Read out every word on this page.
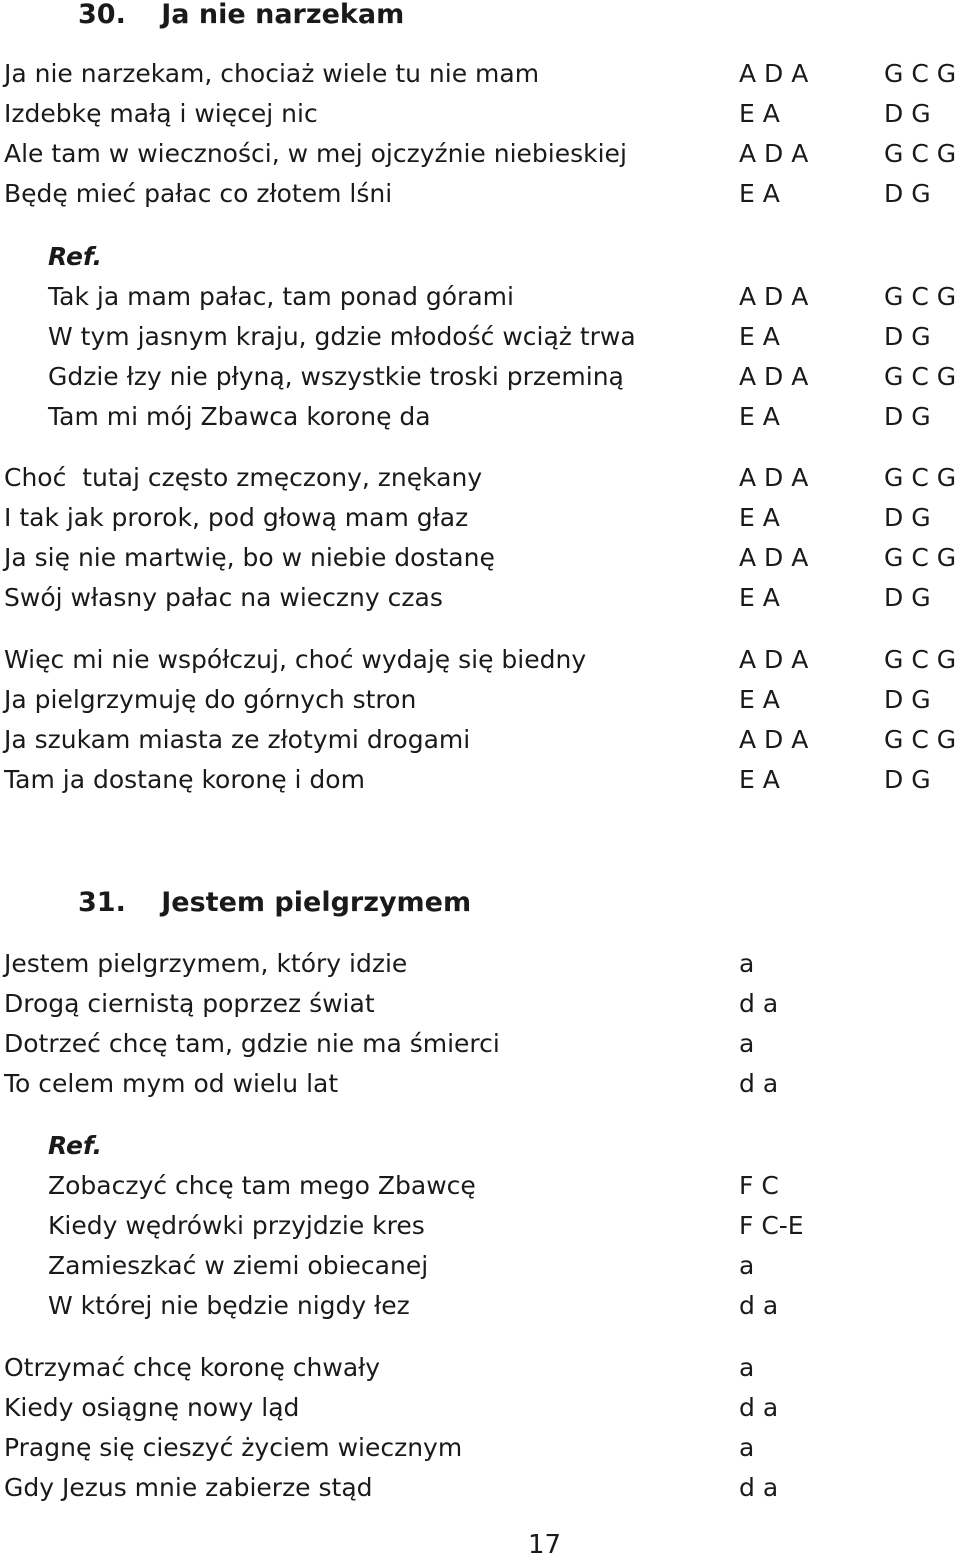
30. Ja nie narzekam
Ja nie narzekam, chociaż wiele tu nie mam	A D A	G C G
Izdebkę małą i więcej nic	E A	D G
Ale tam w wieczności, w mej ojczyźnie niebieskiej	A D A	G C G
Będę mieć pałac co złotem lśni	E A	D G
Ref.
Tak ja mam pałac, tam ponad górami	A D A	G C G
W tym jasnym kraju, gdzie młodość wciąż trwa	E A	D G
Gdzie łzy nie płyną, wszystkie troski przeminą	A D A	G C G
Tam mi mój Zbawca koronę da	E A	D G
Choć  tutaj często zmęczony, znękany	A D A	G C G
I tak jak prorok, pod głową mam głaz	E A	D G
Ja się nie martwię, bo w niebie dostanę	A D A	G C G
Swój własny pałac na wieczny czas	E A	D G
Więc mi nie współczuj, choć wydaję się biedny	A D A	G C G
Ja pielgrzymuję do górnych stron	E A	D G
Ja szukam miasta ze złotymi drogami	A D A	G C G
Tam ja dostanę koronę i dom	E A	D G
31. Jestem pielgrzymem
Jestem pielgrzymem, który idzie	a
Drogą ciernistą poprzez świat	d a
Dotrzeć chcę tam, gdzie nie ma śmierci	a
To celem mym od wielu lat	d a
Ref.
Zobaczyć chcę tam mego Zbawcę	F C
Kiedy wędrówki przyjdzie kres	F C-E
Zamieszkać w ziemi obiecanej	a
W której nie będzie nigdy łez	d a
Otrzymać chcę koronę chwały	a
Kiedy osiągnę nowy ląd	d a
Pragnę się cieszyć życiem wiecznym	a
Gdy Jezus mnie zabierze stąd	d a
17
